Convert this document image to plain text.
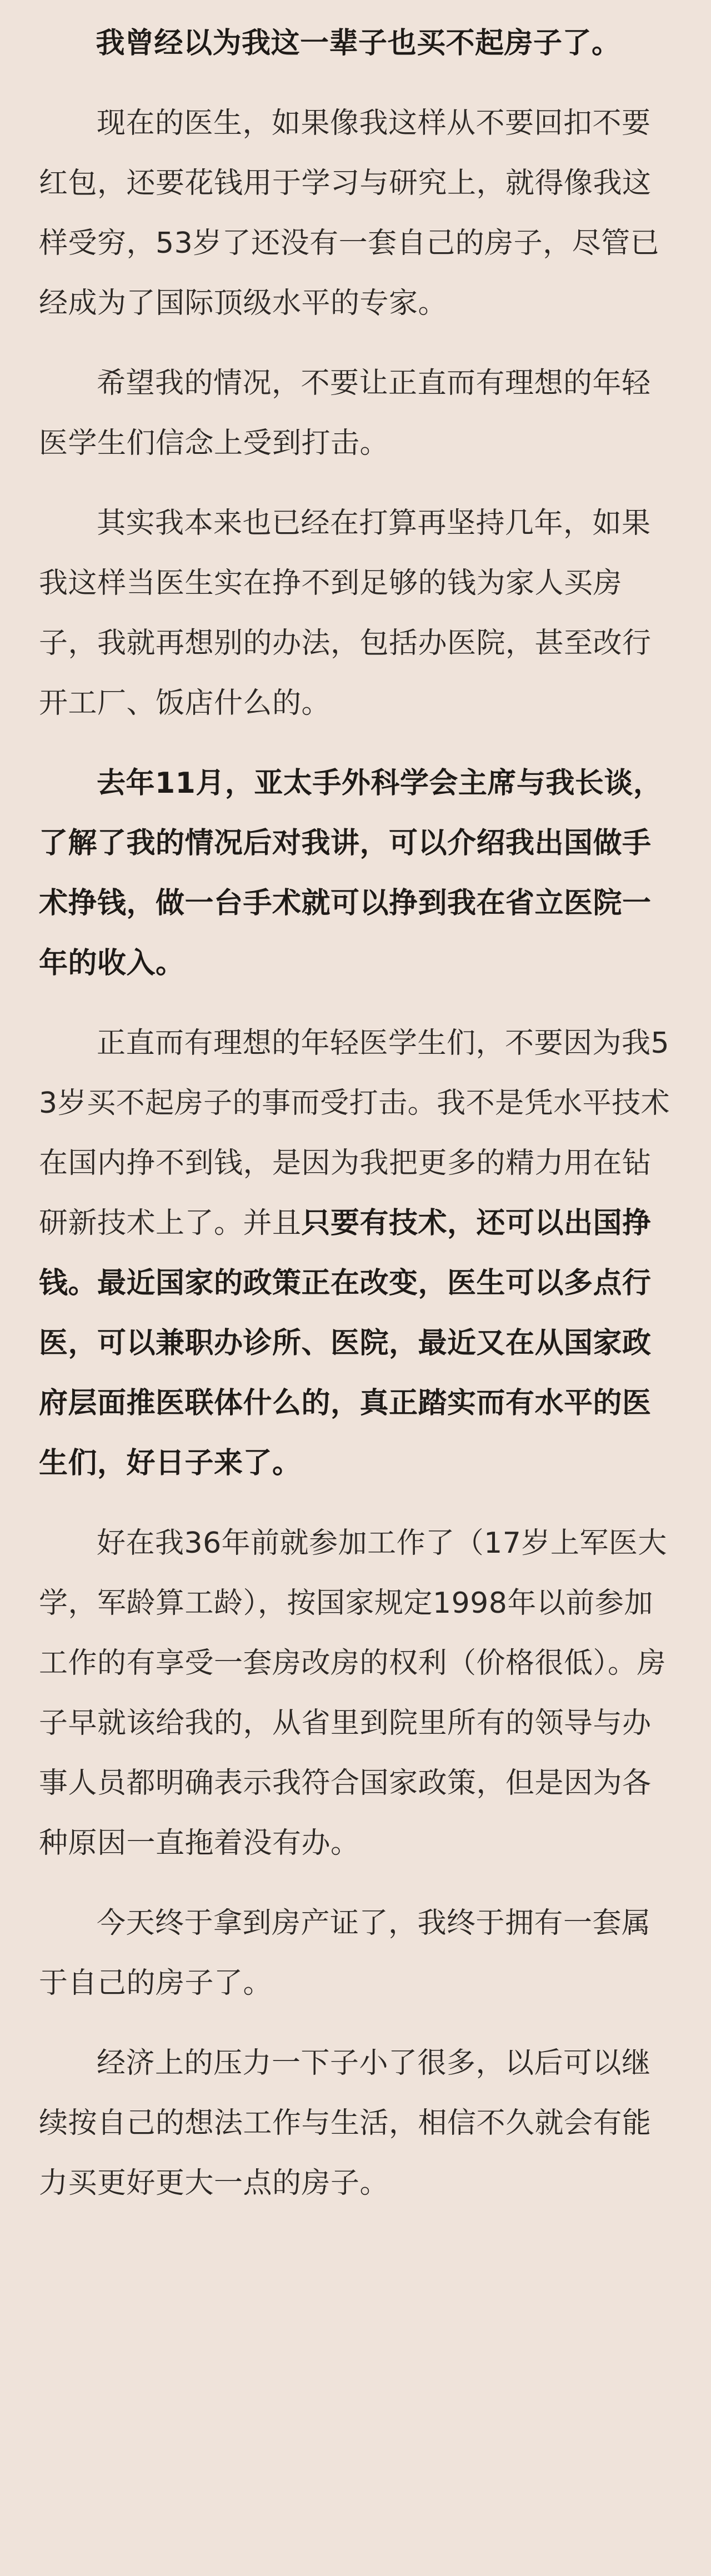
我曾经以为我这一辈子也买不起房子了。

现在的医生，如果像我这样从不要回扣不要红包，还要花钱用于学习与研究上，就得像我这样受穷，53岁了还没有一套自己的房子，尽管已经成为了国际顶级水平的专家。

希望我的情况，不要让正直而有理想的年轻医学生们信念上受到打击。

其实我本来也已经在打算再坚持几年，如果我这样当医生实在挣不到足够的钱为家人买房子，我就再想别的办法，包括办医院，甚至改行开工厂、饭店什么的。

去年11月，亚太手外科学会主席与我长谈，了解了我的情况后对我讲，可以介绍我出国做手术挣钱，做一台手术就可以挣到我在省立医院一年的收入。

正直而有理想的年轻医学生们，不要因为我53岁买不起房子的事而受打击。我不是凭水平技术在国内挣不到钱，是因为我把更多的精力用在钻研新技术上了。并且只要有技术，还可以出国挣钱。最近国家的政策正在改变，医生可以多点行医，可以兼职办诊所、医院，最近又在从国家政府层面推医联体什么的，真正踏实而有水平的医生们，好日子来了。

好在我36年前就参加工作了（17岁上军医大学，军龄算工龄），按国家规定1998年以前参加工作的有享受一套房改房的权利（价格很低）。房子早就该给我的，从省里到院里所有的领导与办事人员都明确表示我符合国家政策，但是因为各种原因一直拖着没有办。

今天终于拿到房产证了，我终于拥有一套属于自己的房子了。

经济上的压力一下子小了很多，以后可以继续按自己的想法工作与生活，相信不久就会有能力买更好更大一点的房子。
